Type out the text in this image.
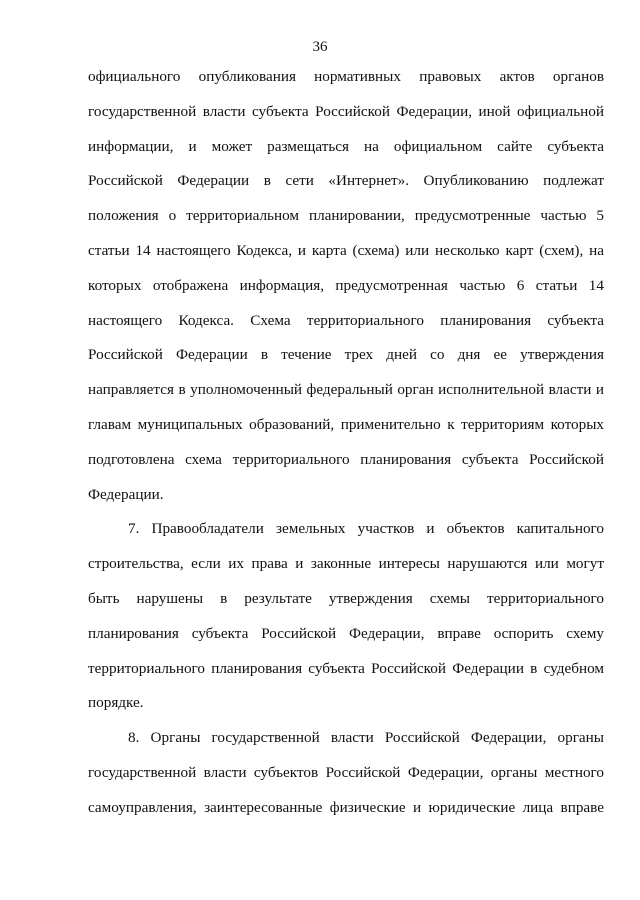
36
официального опубликования нормативных правовых актов органов
государственной власти субъекта Российской Федерации, иной официальной
информации, и может размещаться на официальном сайте субъекта
Российской Федерации в сети «Интернет». Опубликованию подлежат
положения о территориальном планировании, предусмотренные частью 5
статьи 14 настоящего Кодекса, и карта (схема) или несколько карт (схем), на
которых отображена информация, предусмотренная частью 6 статьи 14
настоящего Кодекса. Схема территориального планирования субъекта
Российской Федерации в течение трех дней со дня ее утверждения
направляется в уполномоченный федеральный орган исполнительной власти и
главам муниципальных образований, применительно к территориям которых
подготовлена схема территориального планирования субъекта Российской
Федерации.
7. Правообладатели земельных участков и объектов капитального
строительства, если их права и законные интересы нарушаются или могут
быть нарушены в результате утверждения схемы территориального
планирования субъекта Российской Федерации, вправе оспорить схему
территориального планирования субъекта Российской Федерации в судебном
порядке.
8. Органы государственной власти Российской Федерации, органы
государственной власти субъектов Российской Федерации, органы местного
самоуправления, заинтересованные физические и юридические лица вправе
